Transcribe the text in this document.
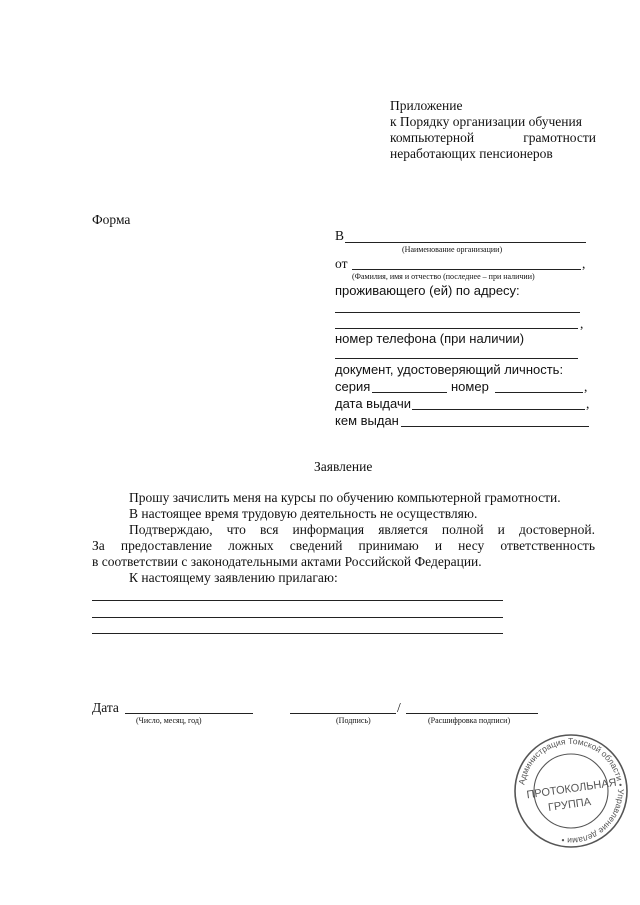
Приложение
к Порядку организации обучения
компьютерной грамотности
неработающих пенсионеров
Форма
В
(Наименование организации)
от	,
(Фамилия, имя и отчество (последнее – при наличии)
проживающего (ей) по адресу:
,
номер телефона (при наличии)
документ, удостоверяющий личность:
серия	номер	,
дата выдачи	,
кем выдан
Заявление
Прошу зачислить меня на курсы по обучению компьютерной грамотности.
В настоящее время трудовую деятельность не осуществляю.
Подтверждаю, что вся информация является полной и достоверной.
За предоставление ложных сведений принимаю и несу ответственность
в соответствии с законодательными актами Российской Федерации.
К настоящему заявлению прилагаю:
Дата
(Число, месяц, год)
/
(Подпись)	(Расшифровка подписи)
Администрация Томской области • Управление делами •
ПРОТОКОЛЬНАЯ
ГРУППА
